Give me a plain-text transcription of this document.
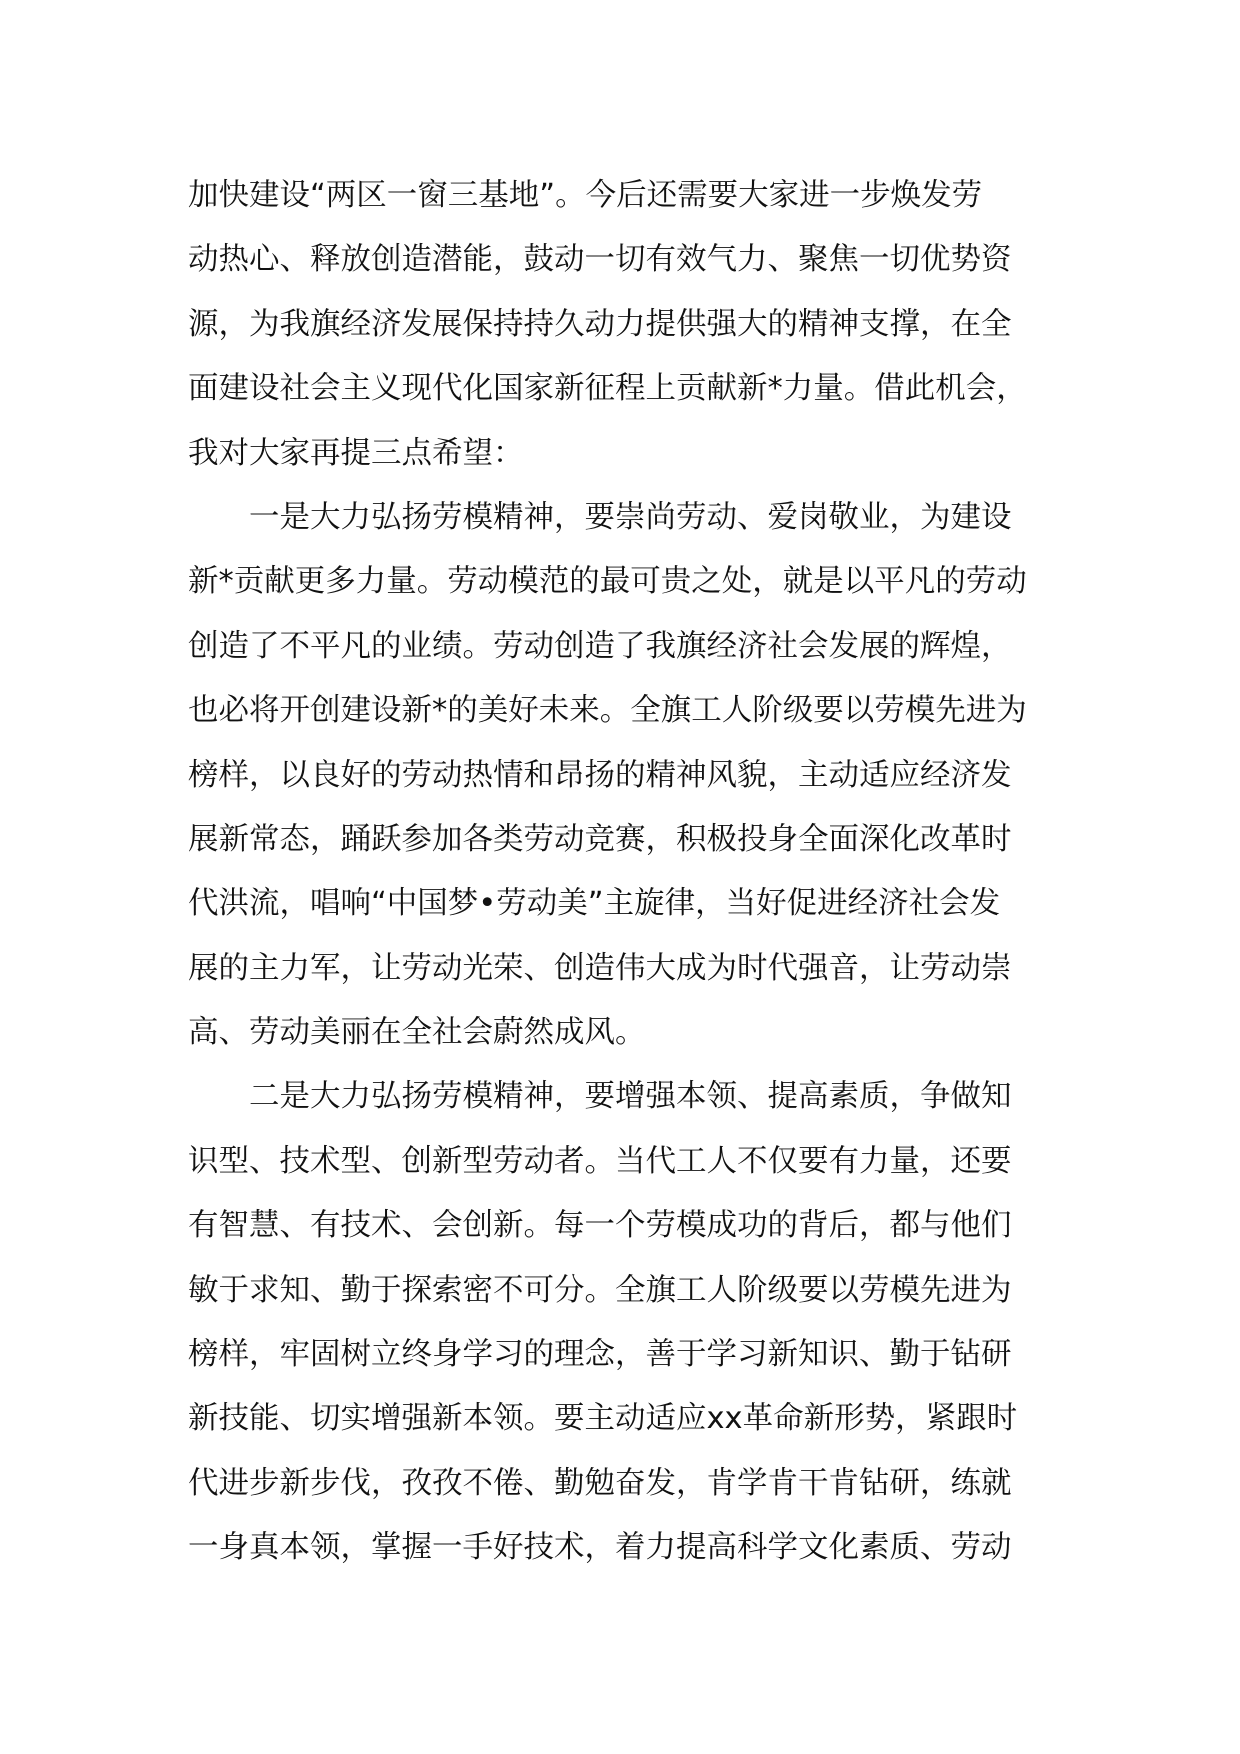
加快建设“两区一窗三基地”。今后还需要大家进一步焕发劳
动热心、释放创造潜能，鼓动一切有效气力、聚焦一切优势资
源，为我旗经济发展保持持久动力提供强大的精神支撑，在全
面建设社会主义现代化国家新征程上贡献新*力量。借此机会，
我对大家再提三点希望：
一是大力弘扬劳模精神，要崇尚劳动、爱岗敬业，为建设
新*贡献更多力量。劳动模范的最可贵之处，就是以平凡的劳动
创造了不平凡的业绩。劳动创造了我旗经济社会发展的辉煌，
也必将开创建设新*的美好未来。全旗工人阶级要以劳模先进为
榜样，以良好的劳动热情和昂扬的精神风貌，主动适应经济发
展新常态，踊跃参加各类劳动竞赛，积极投身全面深化改革时
代洪流，唱响“中国梦•劳动美”主旋律，当好促进经济社会发
展的主力军，让劳动光荣、创造伟大成为时代强音，让劳动崇
高、劳动美丽在全社会蔚然成风。
二是大力弘扬劳模精神，要增强本领、提高素质，争做知
识型、技术型、创新型劳动者。当代工人不仅要有力量，还要
有智慧、有技术、会创新。每一个劳模成功的背后，都与他们
敏于求知、勤于探索密不可分。全旗工人阶级要以劳模先进为
榜样，牢固树立终身学习的理念，善于学习新知识、勤于钻研
新技能、切实增强新本领。要主动适应xx革命新形势，紧跟时
代进步新步伐，孜孜不倦、勤勉奋发，肯学肯干肯钻研，练就
一身真本领，掌握一手好技术，着力提高科学文化素质、劳动
